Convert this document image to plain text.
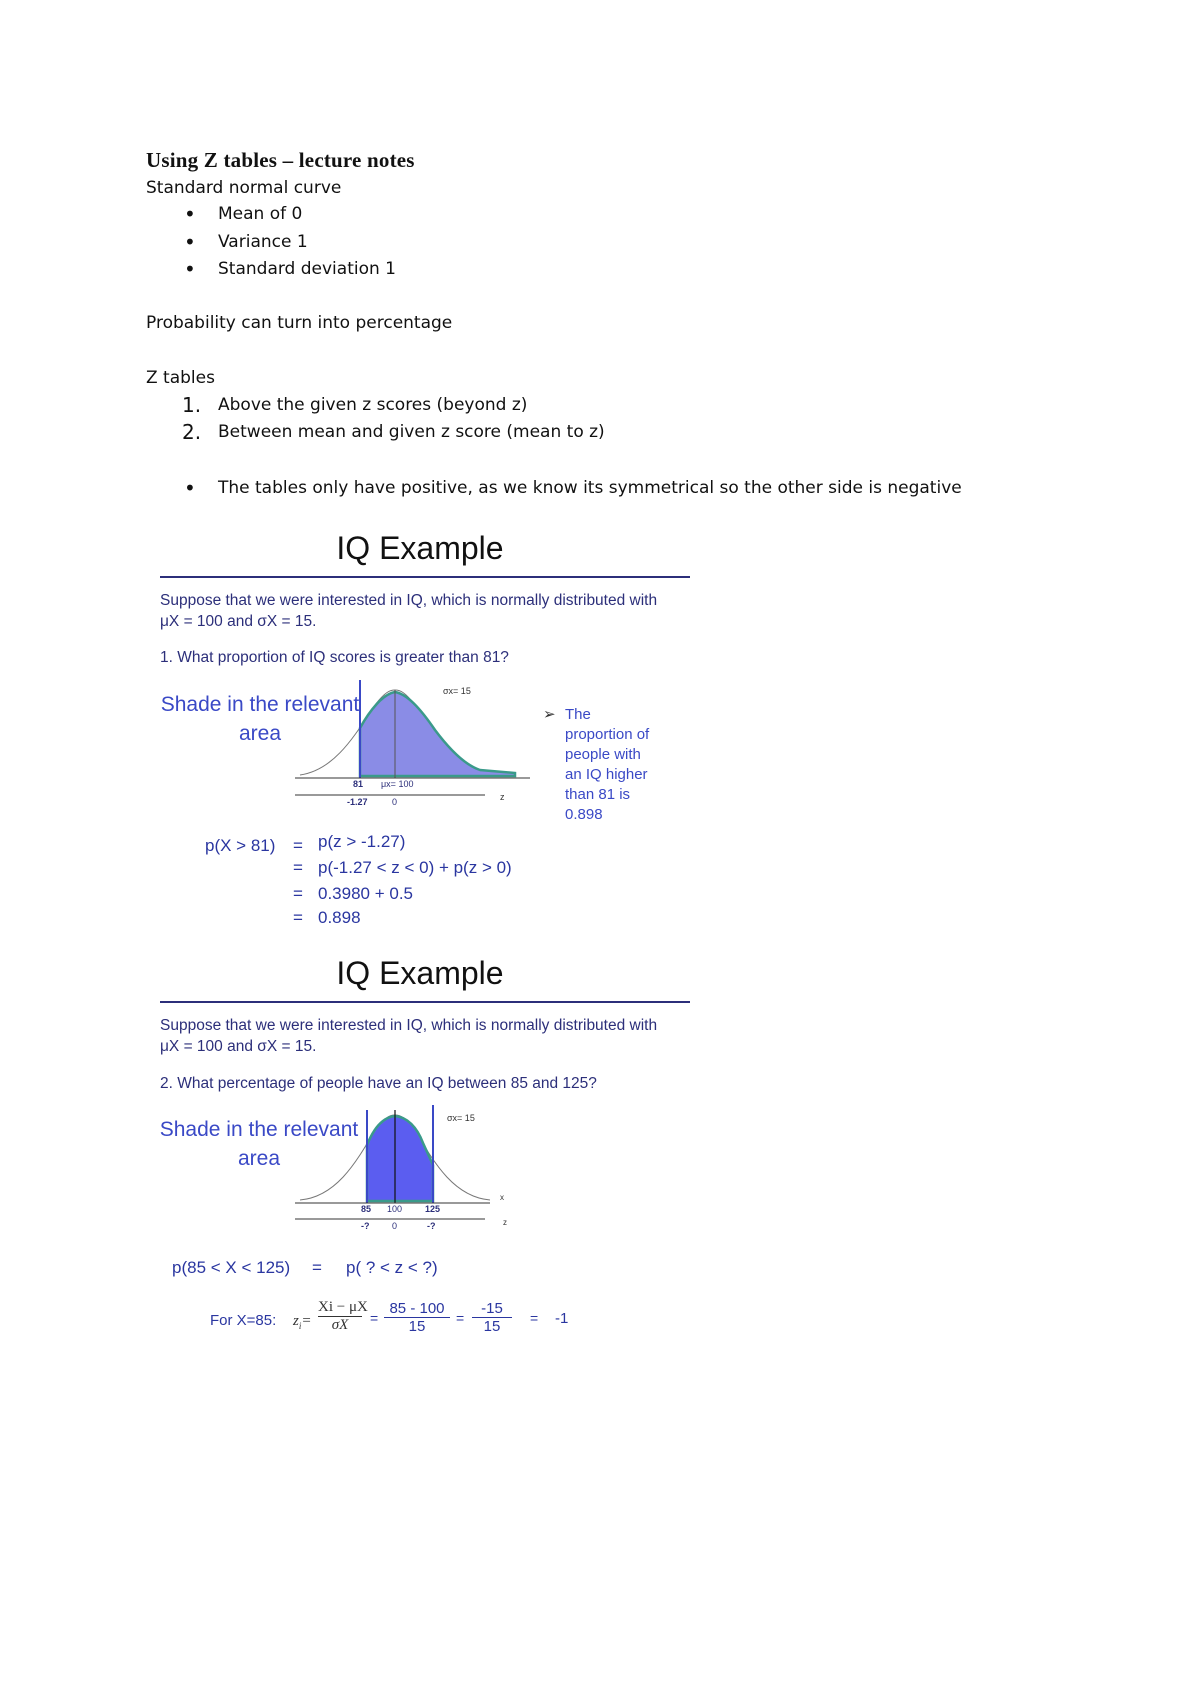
Using Z tables – lecture notes
Standard normal curve
• Mean of 0
• Variance 1
• Standard deviation 1
Probability can turn into percentage
Z tables
1. Above the given z scores (beyond z)
2. Between mean and given z score (mean to z)
• The tables only have positive, as we know its symmetrical so the other side is negative
IQ Example
Suppose that we were interested in IQ, which is normally distributed with
μX = 100 and σX = 15.
1. What proportion of IQ scores is greater than 81?
Shade in the relevant
area
σx= 15
81 μx= 100
-1.27	0	z
➢ The
proportion of
people with
an IQ higher
than 81 is
0.898
p(X > 81) = p(z > -1.27)
= p(-1.27 < z < 0) + p(z > 0)
= 0.3980 + 0.5
= 0.898
IQ Example
Suppose that we were interested in IQ, which is normally distributed with
μX = 100 and σX = 15.
2. What percentage of people have an IQ between 85 and 125?
Shade in the relevant
area
σx= 15
85 100	125
x
-?	0	-?	z
p(85 < X < 125) = p( ? < z < ?)
For X=85: $z_i=$
Xi − μX
σX	=
85 - 100
15	=
-15
15	= -1
